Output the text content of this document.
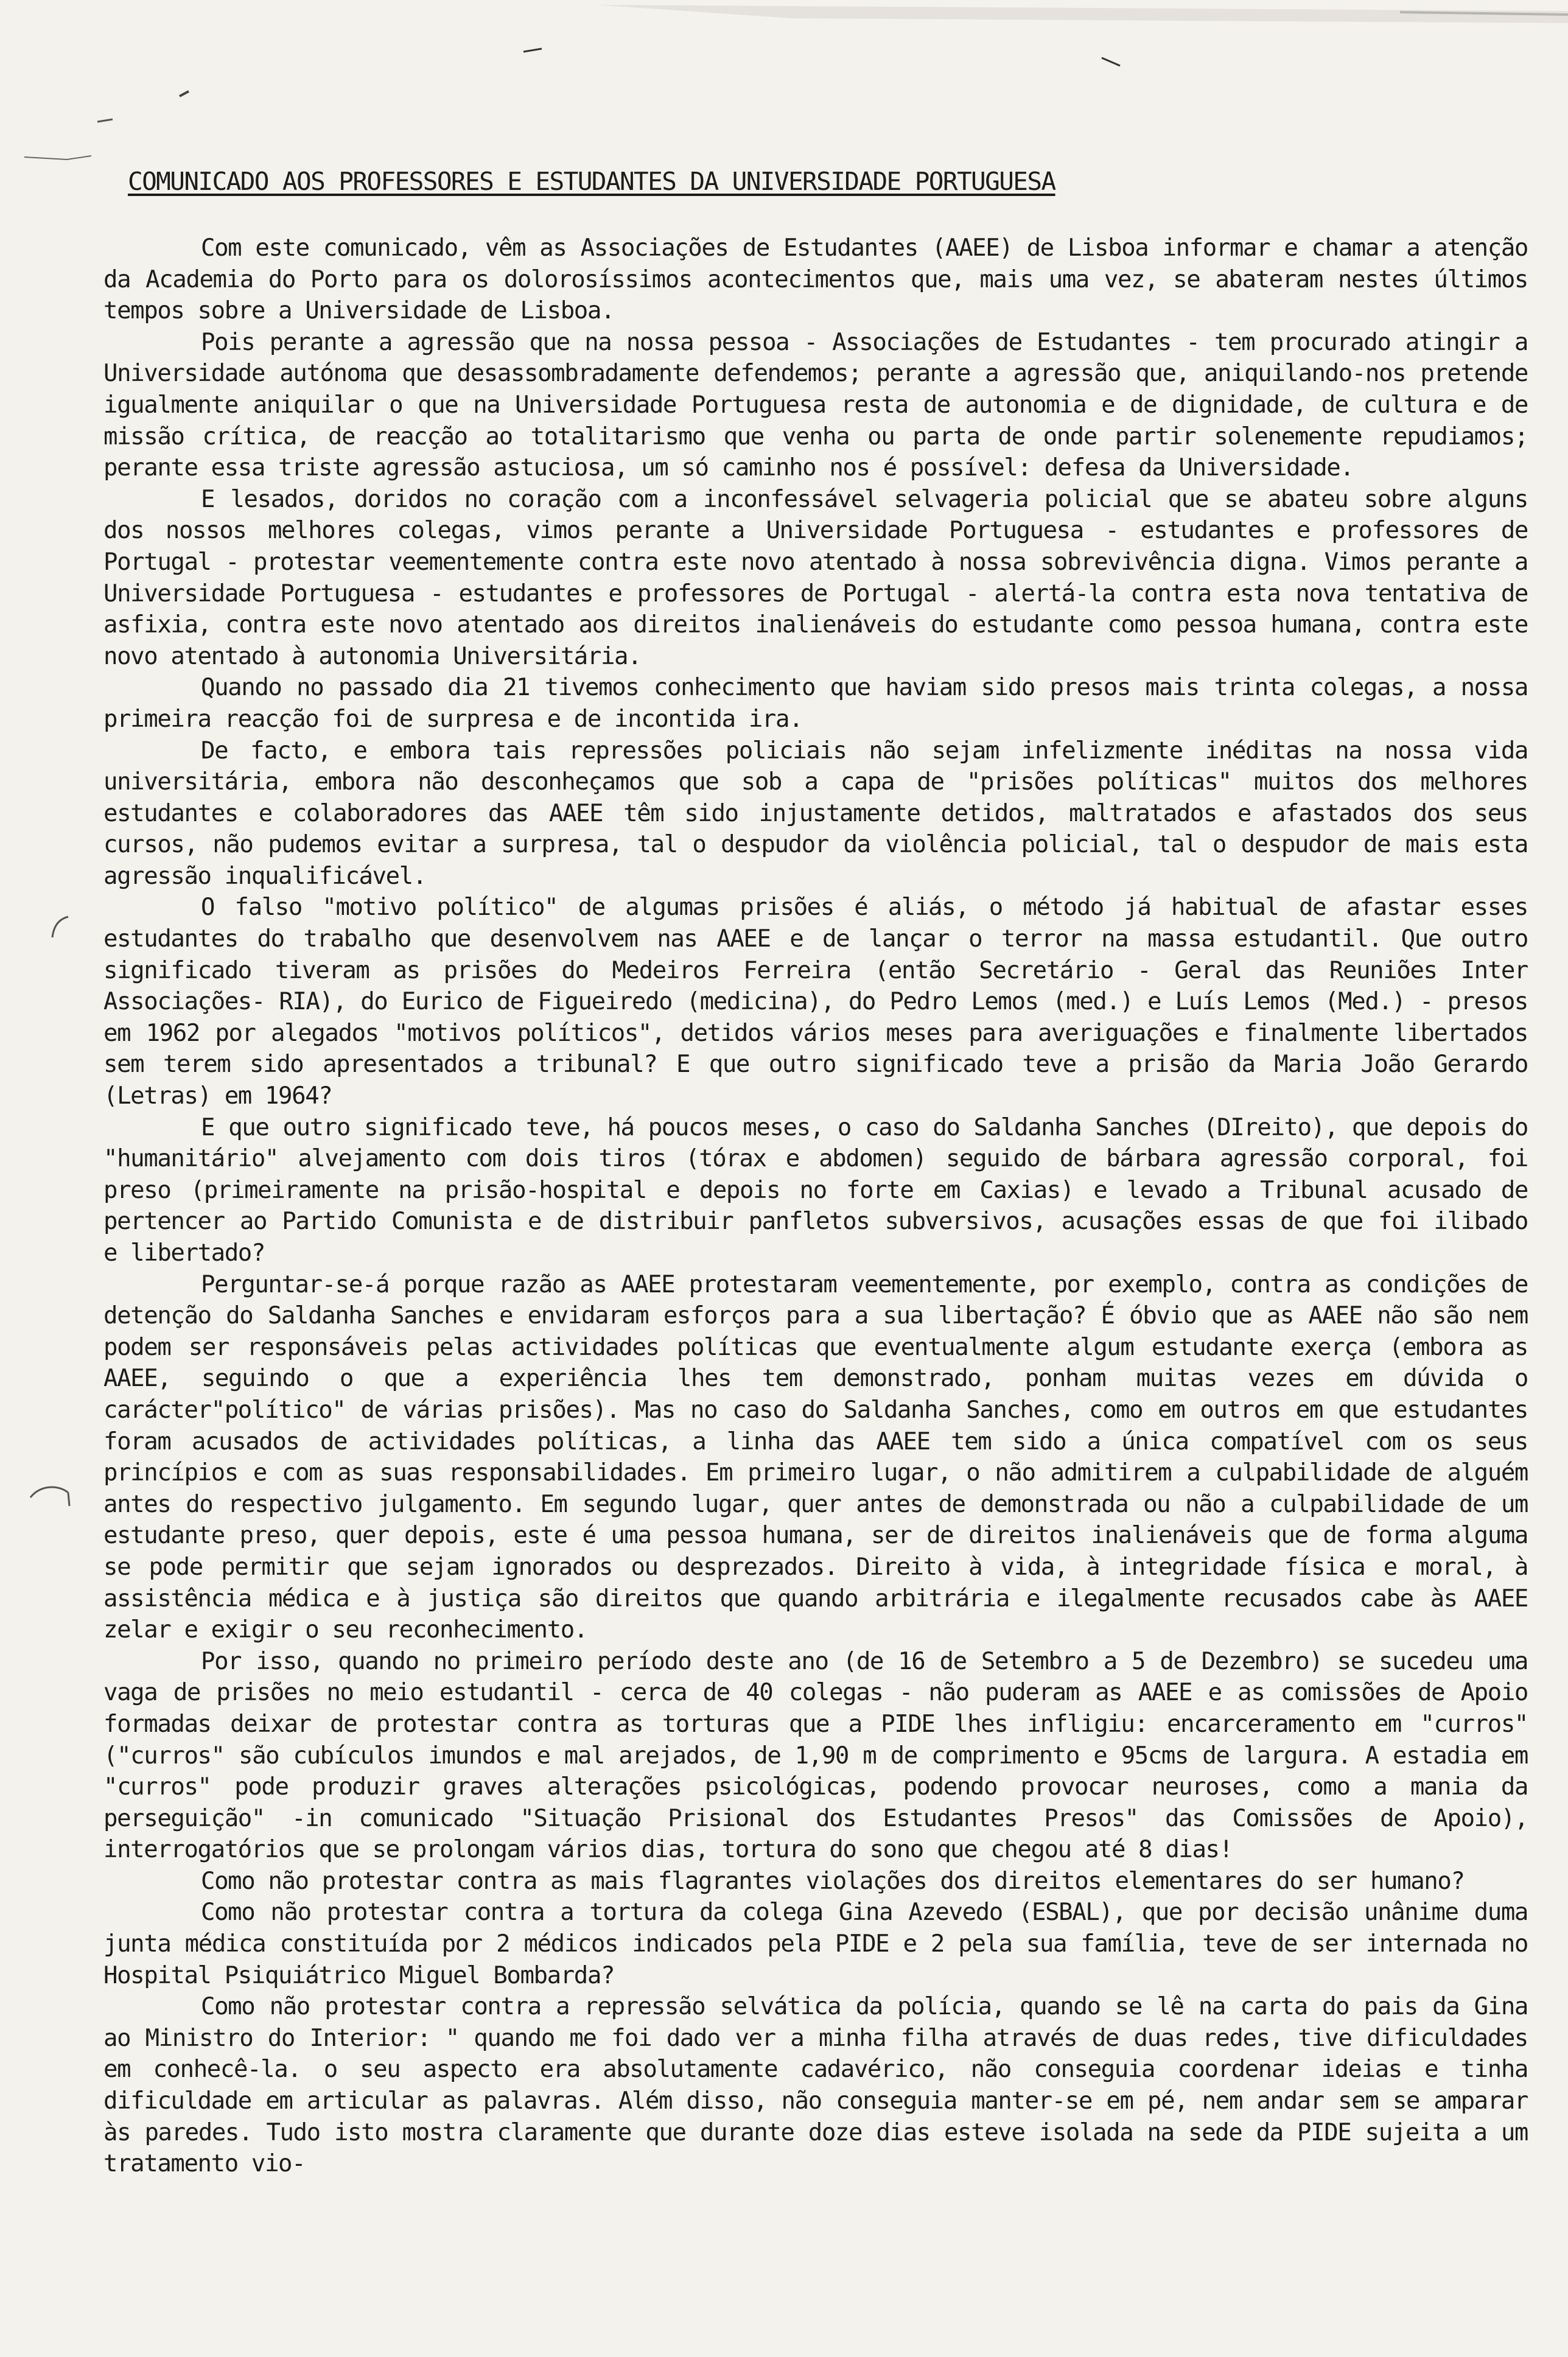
COMUNICADO AOS PROFESSORES E ESTUDANTES DA UNIVERSIDADE PORTUGUESA

Com este comunicado, vêm as Associações de Estudantes (AAEE) de Lisboa informar e chamar a atenção da Academia do Porto para os dolorosíssimos acontecimentos que, mais uma vez, se abateram nestes últimos tempos sobre a Universidade de Lisboa.

Pois perante a agressão que na nossa pessoa - Associações de Estudantes - tem procurado atingir a Universidade autónoma que desassombradamente defendemos; perante a agressão que, aniquilando-nos pretende igualmente aniquilar o que na Universidade Portuguesa resta de autonomia e de dignidade, de cultura e de missão crítica, de reacção ao totalitarismo que venha ou parta de onde partir solenemente repudiamos; perante essa triste agressão astuciosa, um só caminho nos é possível: defesa da Universidade.

E lesados, doridos no coração com a inconfessável selvageria policial que se abateu sobre alguns dos nossos melhores colegas, vimos perante a Universidade Portuguesa - estudantes e professores de Portugal - protestar veementemente contra este novo atentado à nossa sobrevivência digna. Vimos perante a Universidade Portuguesa - estudantes e professores de Portugal - alertá-la contra esta nova tentativa de asfixia, contra este novo atentado aos direitos inalienáveis do estudante como pessoa humana, contra este novo atentado à autonomia Universitária.

Quando no passado dia 21 tivemos conhecimento que haviam sido presos mais trinta colegas, a nossa primeira reacção foi de surpresa e de incontida ira.

De facto, e embora tais repressões policiais não sejam infelizmente inéditas na nossa vida universitária, embora não desconheçamos que sob a capa de "prisões políticas" muitos dos melhores estudantes e colaboradores das AAEE têm sido injustamente detidos, maltratados e afastados dos seus cursos, não pudemos evitar a surpresa, tal o despudor da violência policial, tal o despudor de mais esta agressão inqualificável.

O falso "motivo político" de algumas prisões é aliás, o método já habitual de afastar esses estudantes do trabalho que desenvolvem nas AAEE e de lançar o terror na massa estudantil. Que outro significado tiveram as prisões do Medeiros Ferreira (então Secretário - Geral das Reuniões Inter Associações- RIA), do Eurico de Figueiredo (medicina), do Pedro Lemos (med.) e Luís Lemos (Med.) - presos em 1962 por alegados "motivos políticos", detidos vários meses para averiguações e finalmente libertados sem terem sido apresentados a tribunal? E que outro significado teve a prisão da Maria João Gerardo (Letras) em 1964?

E que outro significado teve, há poucos meses, o caso do Saldanha Sanches (DIreito), que depois do "humanitário" alvejamento com dois tiros (tórax e abdomen) seguido de bárbara agressão corporal, foi preso (primeiramente na prisão-hospital e depois no forte em Caxias) e levado a Tribunal acusado de pertencer ao Partido Comunista e de distribuir panfletos subversivos, acusações essas de que foi ilibado e libertado?

Perguntar-se-á porque razão as AAEE protestaram veementemente, por exemplo, contra as condições de detenção do Saldanha Sanches e envidaram esforços para a sua libertação? É óbvio que as AAEE não são nem podem ser responsáveis pelas actividades políticas que eventualmente algum estudante exerça (embora as AAEE, seguindo o que a experiência lhes tem demonstrado, ponham muitas vezes em dúvida o carácter"político" de várias prisões). Mas no caso do Saldanha Sanches, como em outros em que estudantes foram acusados de actividades políticas, a linha das AAEE tem sido a única compatível com os seus princípios e com as suas responsabilidades. Em primeiro lugar, o não admitirem a culpabilidade de alguém antes do respectivo julgamento. Em segundo lugar, quer antes de demonstrada ou não a culpabilidade de um estudante preso, quer depois, este é uma pessoa humana, ser de direitos inalienáveis que de forma alguma se pode permitir que sejam ignorados ou desprezados. Direito à vida, à integridade física e moral, à assistência médica e à justiça são direitos que quando arbitrária e ilegalmente recusados cabe às AAEE zelar e exigir o seu reconhecimento.

Por isso, quando no primeiro período deste ano (de 16 de Setembro a 5 de Dezembro) se sucedeu uma vaga de prisões no meio estudantil - cerca de 40 colegas - não puderam as AAEE e as comissões de Apoio formadas deixar de protestar contra as torturas que a PIDE lhes infligiu: encarceramento em "curros" ("curros" são cubículos imundos e mal arejados, de 1,90 m de comprimento e 95cms de largura. A estadia em "curros" pode produzir graves alterações psicológicas, podendo provocar neuroses, como a mania da perseguição" -in comunicado "Situação Prisional dos Estudantes Presos" das Comissões de Apoio), interrogatórios que se prolongam vários dias, tortura do sono que chegou até 8 dias!

Como não protestar contra as mais flagrantes violações dos direitos elementares do ser humano?

Como não protestar contra a tortura da colega Gina Azevedo (ESBAL), que por decisão unânime duma junta médica constituída por 2 médicos indicados pela PIDE e 2 pela sua família, teve de ser internada no Hospital Psiquiátrico Miguel Bombarda?

Como não protestar contra a repressão selvática da polícia, quando se lê na carta do pais da Gina ao Ministro do Interior: " quando me foi dado ver a minha filha através de duas redes, tive dificuldades em conhecê-la. o seu aspecto era absolutamente cadavérico, não conseguia coordenar ideias e tinha dificuldade em articular as palavras. Além disso, não conseguia manter-se em pé, nem andar sem se amparar às paredes. Tudo isto mostra claramente que durante doze dias esteve isolada na sede da PIDE sujeita a um tratamento vio-
